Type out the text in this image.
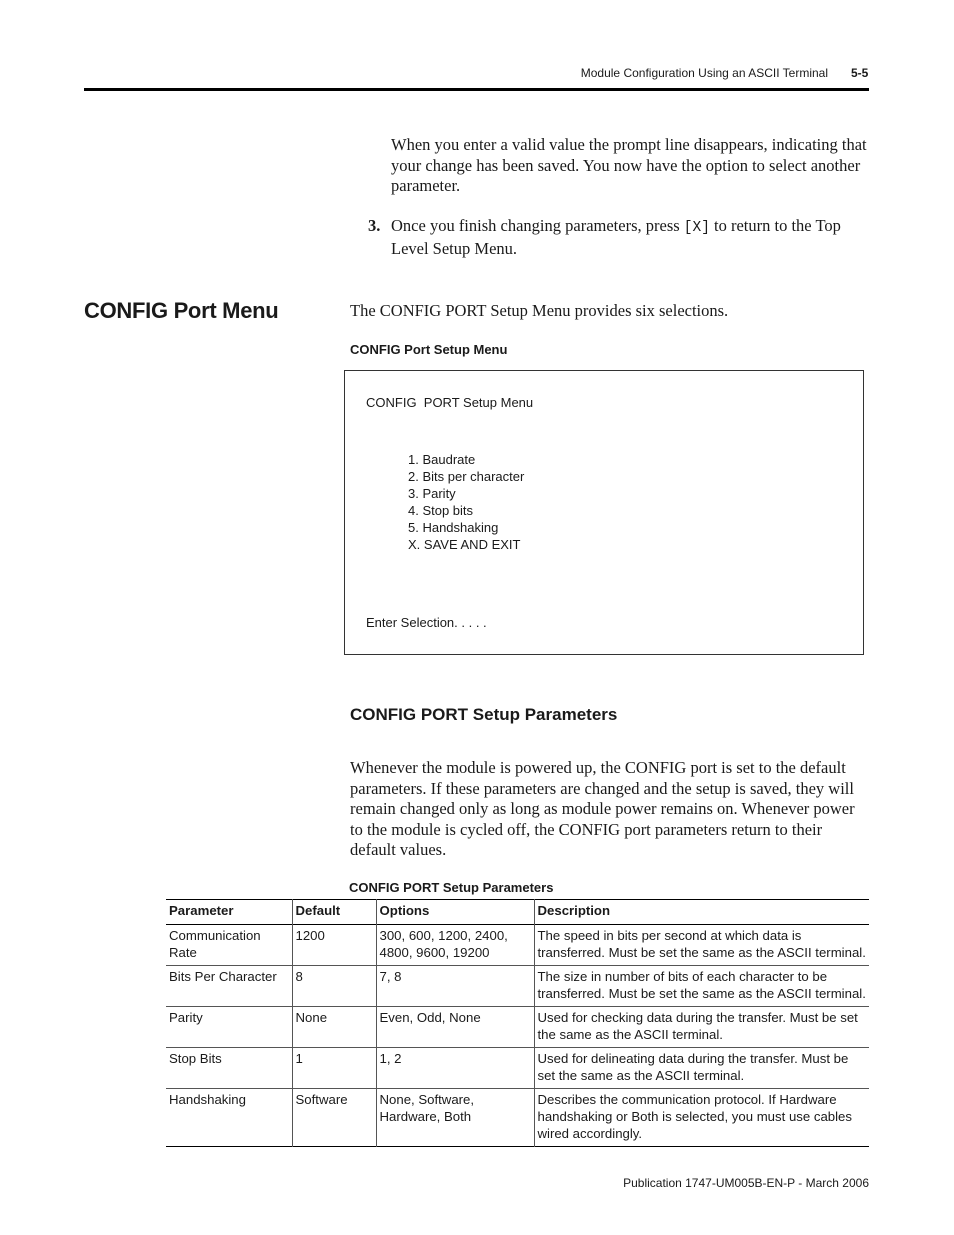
Module Configuration Using an ASCII Terminal 5-5
When you enter a valid value the prompt line disappears, indicating that your change has been saved. You now have the option to select another parameter.
3. Once you finish changing parameters, press [X] to return to the Top Level Setup Menu.
CONFIG Port Menu	The CONFIG PORT Setup Menu provides six selections.
CONFIG Port Setup Menu
CONFIG  PORT Setup Menu
1. Baudrate
2. Bits per character
3. Parity
4. Stop bits
5. Handshaking
X. SAVE AND EXIT
Enter Selection. . . . .
CONFIG PORT Setup Parameters
Whenever the module is powered up, the CONFIG port is set to the default parameters. If these parameters are changed and the setup is saved, they will remain changed only as long as module power remains on. Whenever power to the module is cycled off, the CONFIG port parameters return to their default values.
CONFIG PORT Setup Parameters
Parameter	Default	Options	Description
Communication Rate	1200	300, 600, 1200, 2400, 4800, 9600, 19200	The speed in bits per second at which data is transferred. Must be set the same as the ASCII terminal.
Bits Per Character	8	7, 8	The size in number of bits of each character to be transferred. Must be set the same as the ASCII terminal.
Parity	None	Even, Odd, None	Used for checking data during the transfer. Must be set the same as the ASCII terminal.
Stop Bits	1	1, 2	Used for delineating data during the transfer. Must be set the same as the ASCII terminal.
Handshaking	Software	None, Software, Hardware, Both	Describes the communication protocol. If Hardware handshaking or Both is selected, you must use cables wired accordingly.
Publication 1747-UM005B-EN-P - March 2006
